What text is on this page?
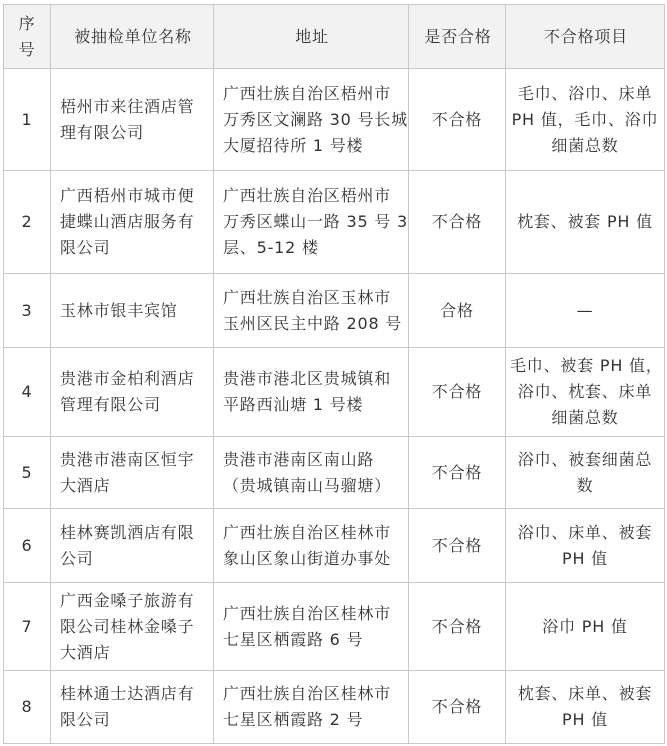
序
号	被抽检单位名称	地址	是否合格	不合格项目
1	梧州市来往酒店管
理有限公司	广西壮族自治区梧州市
万秀区文澜路 30 号长城
大厦招待所 1 号楼	不合格	毛巾、浴巾、床单
PH 值，毛巾、浴巾
细菌总数

2	广西梧州市城市便
捷蝶山酒店服务有
限公司	广西壮族自治区梧州市
万秀区蝶山一路 35 号 3
层、5-12 楼	不合格	枕套、被套 PH 值

3	玉林市银丰宾馆	广西壮族自治区玉林市
玉州区民主中路 208 号	合格	—

4	贵港市金柏利酒店
管理有限公司	贵港市港北区贵城镇和
平路西汕塘 1 号楼	不合格	毛巾、被套 PH 值，
浴巾、枕套、床单
细菌总数

5	贵港市港南区恒宇
大酒店	贵港市港南区南山路
（贵城镇南山马骝塘）	不合格	浴巾、被套细菌总
数

6	桂林赛凯酒店有限
公司	广西壮族自治区桂林市
象山区象山街道办事处	不合格	浴巾、床单、被套
PH 值

7	广西金嗓子旅游有
限公司桂林金嗓子
大酒店	广西壮族自治区桂林市
七星区栖霞路 6 号	不合格	浴巾 PH 值

8	桂林通士达酒店有
限公司	广西壮族自治区桂林市
七星区栖霞路 2 号	不合格	枕套、床单、被套
PH 值
